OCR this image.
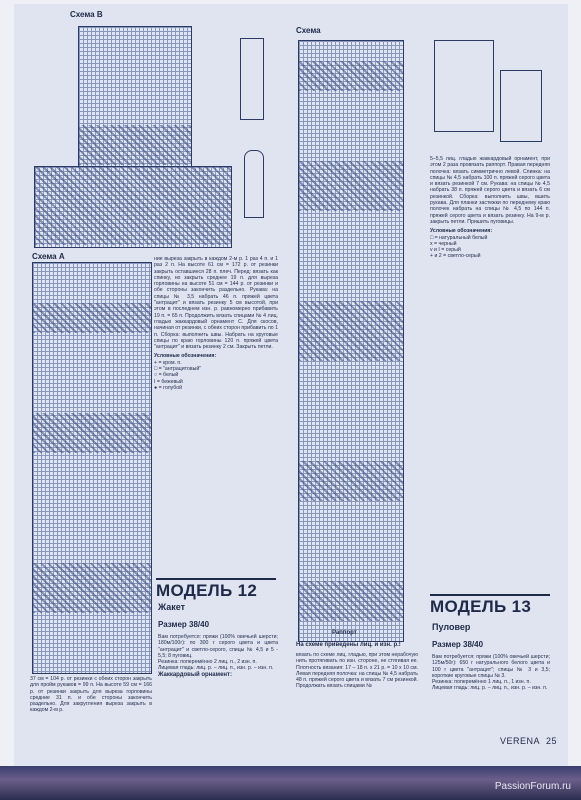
Схема В
Схема А

37 см = 104 р. от резинки с обеих сторон закрыть для пройм рукавов = 99 п. На высоте 59 см = 166 р. от резинки закрыть для выреза горловины средние 31 п. и обе стороны закончить раздельно. Для закругления выреза закрыть в каждом 2-м р.

ние выреза закрыть в каждом 2-м р. 1 раз 4 п. и 1 раз 2 п. На высоте 61 см = 172 р. от резинки закрыть оставшиеся 28 п. плеч. Перед: вязать как спинку, но закрыть среднее 19 п. для выреза горловины на высоте 51 см = 144 р. от резинки и обе стороны закончить раздельно. Рукава: на спицы № 3,5 набрать 46 п. пряжей цвета "антрацит" и вязать резинку 5 см высотой, при этом в последнем изн. р. равномерно прибавить 19 п. = 65 п. Продолжить вязать спицами № 4 лиц. гладью жаккардовый орнамент С. Для скосов, начиная от резинки, с обеих сторон прибавить по 1 п. Сборка: выполнить швы. Набрать на круговые спицы по краю горловины 120 п. пряжей цвета "антрацит" и вязать резинку 2 см. Закрыть петли.

Условные обозначения:

+ = кром. п.

□ = "антрацитовый"

○ = белый

I = бежевый

● = голубой

МОДЕЛЬ 12
Жакет
Размер 38/40

Вам потребуется: пряжи (100% овечьей шерсти; 180м/100г): по 300 г серого цвета и цвета "антрацит" и светло-серого, спицы № 4,5 и 5 - 5,5; 8 пуговиц.

Резинка: поперемённо 2 лиц. п., 2 изн. п.

Лицевая гладь: лиц. р. – лиц. п., изн. р. – изн. п.

Жаккардовый орнамент:

Схема
Раппорт
На схеме приведены лиц. и изн. р.!

вязать по схеме лиц. гладью, при этом нерабочую нить протягивать по изн. стороне, не стягивая ее. Плотность вязания: 17 – 18 п. x 21 р. = 10 x 10 см. Левая передняя полочка: на спицы № 4,5 набрать 48 п. пряжей серого цвета и вязать 7 см резинкой. Продолжать вязать спицами №

5–5,5 лиц. гладью жаккардовый орнамент, при этом 2 раза провязать раппорт. Правая передняя полочка: вязать симметрично левой. Спинка: на спицы № 4,5 набрать 100 п. пряжей серого цвета и вязать резинкой 7 см. Рукава: на спицы № 4,5 набрать 38 п. пряжей серого цвета и вязать 6 см резинкой. Сборка: выполнить швы, вшить рукава. Для планки застежки по переднему краю полочек набрать на спицы № 4,5 по 144 п. пряжей серого цвета и вязать резинку. На 9-м р. закрыть петли. Пришить пуговицы.

Условные обозначения:

□ = натуральный белый

x = черный

v и I = серый

+ и 2 = светло-серый

МОДЕЛЬ 13
Пуловер
Размер 38/40

Вам потребуется: пряжи (100% овечьей шерсти; 125м/50г): 650 г натурального белого цвета и 100 г цвета "антрацит"; спицы № 3 и 3,5; короткие круговые спицы № 3.

Резинка: поперемённо 1 лиц. п., 1 изн. п.

Лицевая гладь: лиц. р. – лиц. п., изн. р. – изн. п.

VERENA 25
PassionForum.ru
